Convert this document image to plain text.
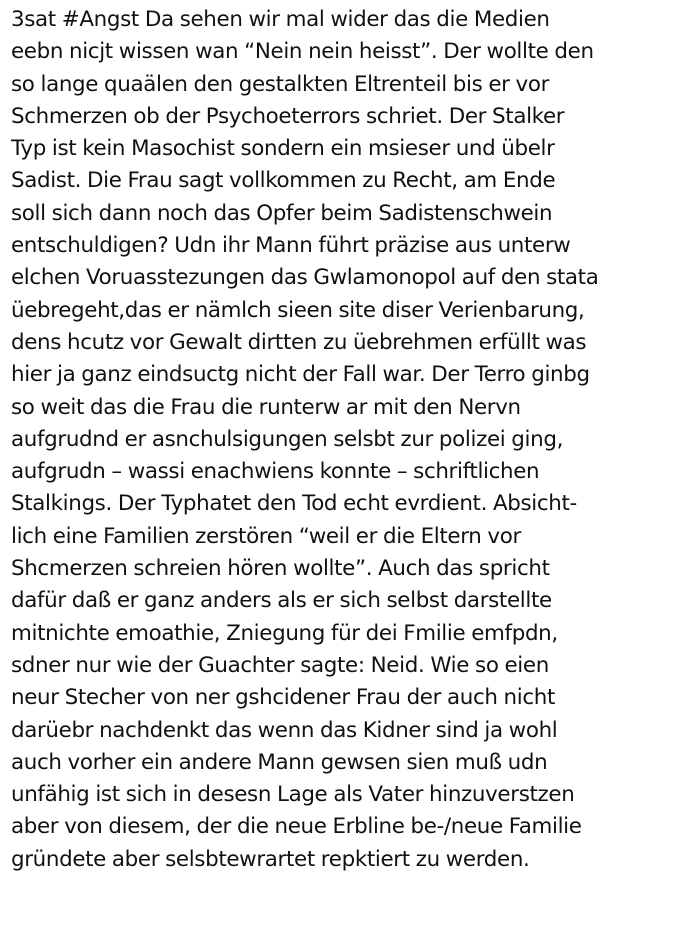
3sat #Angst Da sehen wir mal wider das die Medien
eebn nicjt wissen wan “Nein nein heisst”. Der wollte den
so lange quaälen den gestalkten Eltrenteil bis er vor
Schmerzen ob der Psychoeterrors schriet. Der Stalker
Typ ist kein Masochist sondern ein msieser und übelr
Sadist. Die Frau sagt vollkommen zu Recht, am Ende
soll sich dann noch das Opfer beim Sadistenschwein
entschuldigen? Udn ihr Mann führt präzise aus unterw
elchen Voruasstezungen das Gwlamonopol auf den stata
üebregeht,das er nämlch sieen site diser Verienbarung,
dens hcutz vor Gewalt dirtten zu üebrehmen erfüllt was
hier ja ganz eindsuctg nicht der Fall war. Der Terro ginbg
so weit das die Frau die runterw ar mit den Nervn
aufgrudnd er asnchulsigungen selsbt zur polizei ging,
aufgrudn – wassi enachwiens konnte – schriftlichen
Stalkings. Der Typhatet den Tod echt evrdient. Absicht-
lich eine Familien zerstören “weil er die Eltern vor
Shcmerzen schreien hören wollte”. Auch das spricht
dafür daß er ganz anders als er sich selbst darstellte
mitnichte emoathie, Zniegung für dei Fmilie emfpdn,
sdner nur wie der Guachter sagte: Neid. Wie so eien
neur Stecher von ner gshcidener Frau der auch nicht
darüebr nachdenkt das wenn das Kidner sind ja wohl
auch vorher ein andere Mann gewsen sien muß udn
unfähig ist sich in desesn Lage als Vater hinzuverstzen
aber von diesem, der die neue Erbline be-/neue Familie
gründete aber selsbtewrartet repktiert zu werden.
